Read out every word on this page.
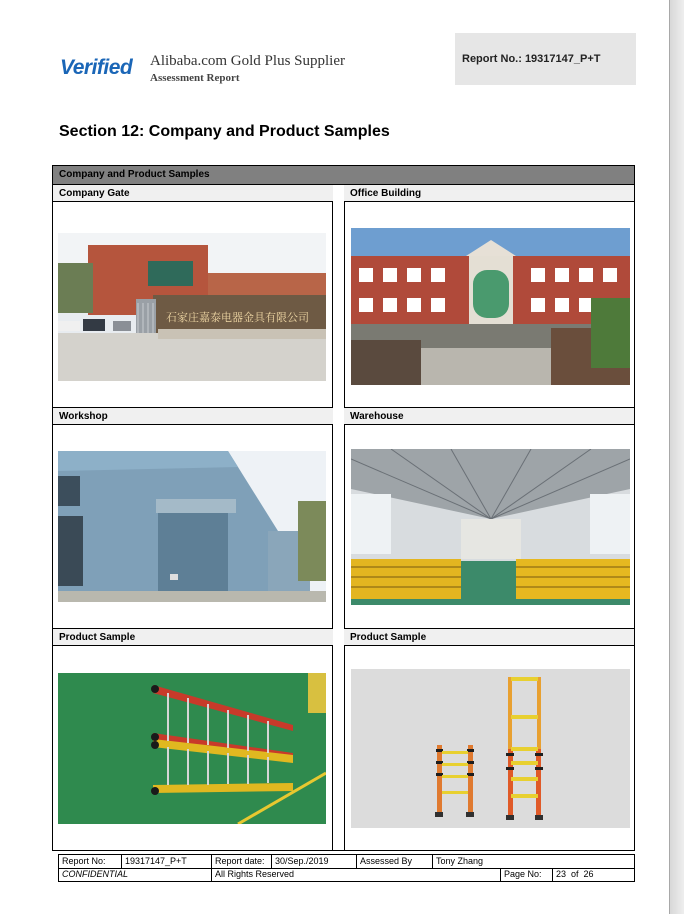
Verified Alibaba.com Gold Plus Supplier
Assessment Report
Report No.: 19317147_P+T
Section 12: Company and Product Samples
Company and Product Samples
Company Gate	Office Building
石家庄嘉泰电器金具有限公司
Workshop	Warehouse
Product Sample	Product Sample
Report No: 19317147_P+T	Report date: 30/Sep./2019	Assessed By	Tony Zhang
CONFIDENTIAL	All Rights Reserved	Page No: 23  of  26
